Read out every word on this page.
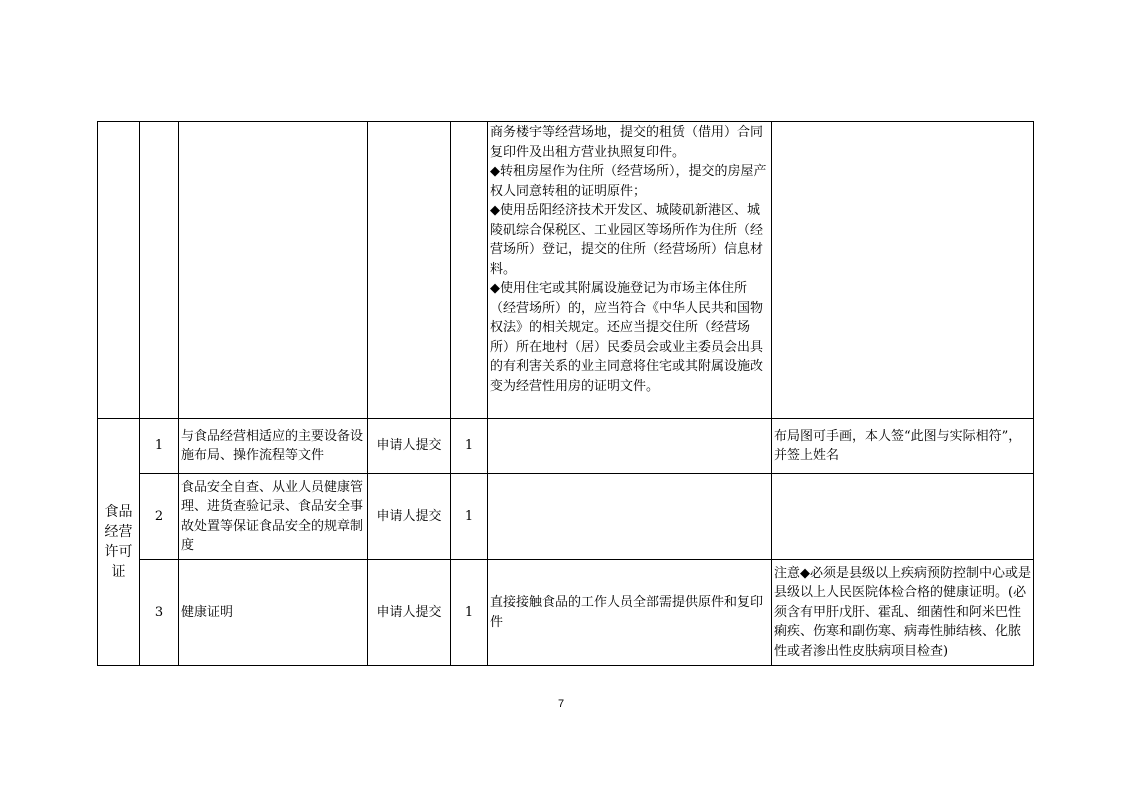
					商务楼宇等经营场地，提交的租赁（借用）合同复印件及出租方营业执照复印件。
◆转租房屋作为住所（经营场所），提交的房屋产权人同意转租的证明原件；
◆使用岳阳经济技术开发区、城陵矶新港区、城陵矶综合保税区、工业园区等场所作为住所（经营场所）登记，提交的住所（经营场所）信息材料。
◆使用住宅或其附属设施登记为市场主体住所（经营场所）的，应当符合《中华人民共和国物权法》的相关规定。还应当提交住所（经营场所）所在地村（居）民委员会或业主委员会出具的有利害关系的业主同意将住宅或其附属设施改变为经营性用房的证明文件。	

食品
经营
许可
证	1	与食品经营相适应的主要设备设施布局、操作流程等文件	申请人提交	1		布局图可手画，本人签“此图与实际相符”，并签上姓名
	2	食品安全自查、从业人员健康管理、进货查验记录、食品安全事故处置等保证食品安全的规章制度	申请人提交	1		
	3	健康证明	申请人提交	1	直接接触食品的工作人员全部需提供原件和复印件	注意◆必须是县级以上疾病预防控制中心或是县级以上人民医院体检合格的健康证明。(必须含有甲肝戊肝、霍乱、细菌性和阿米巴性痢疾、伤寒和副伤寒、病毒性肺结核、化脓性或者渗出性皮肤病项目检查)
7
